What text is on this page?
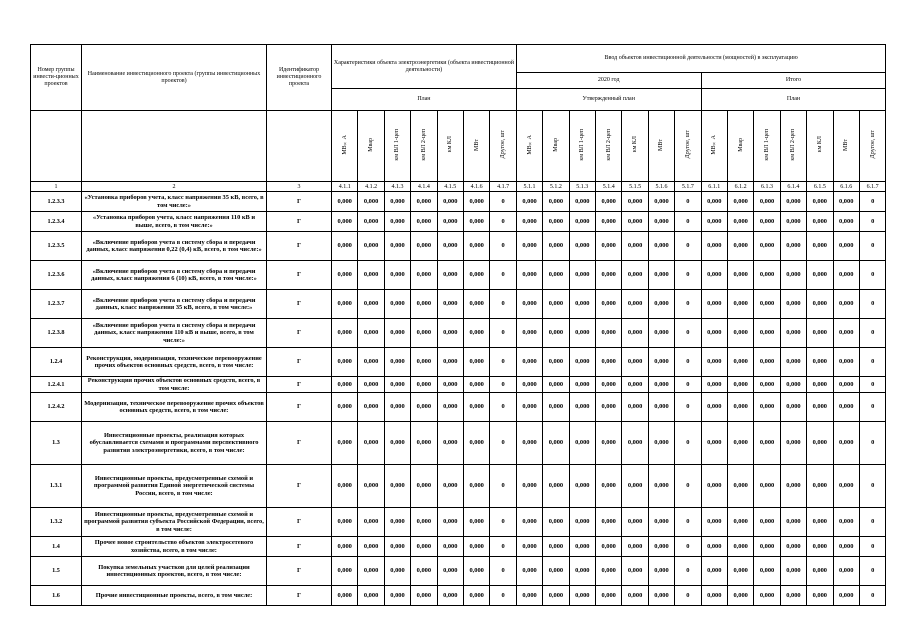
Номер группы инвести-ционных проектов	Наименование инвестиционного проекта (группы инвестиционных проектов)	Идентификатор инвестиционного проекта	Характеристики объекта электроэнергетики (объекта инвестиционной деятельности)							Ввод объектов инвестиционной деятельности (мощностей) в эксплуатацию													
										2020 год							Итого						
			План							Утвержденный план							План						
			МВ×А	Мвар	км ВЛ 1-цеп	км ВЛ 2-цеп	км КЛ	МВт	Другое, шт	МВ×А	Мвар	км ВЛ 1-цеп	км ВЛ 2-цеп	км КЛ	МВт	Другое, шт	МВ×А	Мвар	км ВЛ 1-цеп	км ВЛ 2-цеп	км КЛ	МВт	Другое, шт
1	2	3	4.1.1	4.1.2	4.1.3	4.1.4	4.1.5	4.1.6	4.1.7	5.1.1	5.1.2	5.1.3	5.1.4	5.1.5	5.1.6	5.1.7	6.1.1	6.1.2	6.1.3	6.1.4	6.1.5	6.1.6	6.1.7
1.2.3.3	«Установка приборов учета, класс напряжения 35 кВ, всего, в том числе:»	Г	0,000	0,000	0,000	0,000	0,000	0,000	0	0,000	0,000	0,000	0,000	0,000	0,000	0	0,000	0,000	0,000	0,000	0,000	0,000	0
1.2.3.4	«Установка приборов учета, класс напряжения 110 кВ и выше, всего, в том числе:»	Г	0,000	0,000	0,000	0,000	0,000	0,000	0	0,000	0,000	0,000	0,000	0,000	0,000	0	0,000	0,000	0,000	0,000	0,000	0,000	0
1.2.3.5	«Включение приборов учета в систему сбора и передачи данных, класс напряжения 0,22 (0,4) кВ, всего, в том числе:»	Г	0,000	0,000	0,000	0,000	0,000	0,000	0	0,000	0,000	0,000	0,000	0,000	0,000	0	0,000	0,000	0,000	0,000	0,000	0,000	0
1.2.3.6	«Включение приборов учета в систему сбора и передачи данных, класс напряжения 6 (10) кВ, всего, в том числе:»	Г	0,000	0,000	0,000	0,000	0,000	0,000	0	0,000	0,000	0,000	0,000	0,000	0,000	0	0,000	0,000	0,000	0,000	0,000	0,000	0
1.2.3.7	«Включение приборов учета в систему сбора и передачи данных, класс напряжения 35 кВ, всего, в том числе:»	Г	0,000	0,000	0,000	0,000	0,000	0,000	0	0,000	0,000	0,000	0,000	0,000	0,000	0	0,000	0,000	0,000	0,000	0,000	0,000	0
1.2.3.8	«Включение приборов учета в систему сбора и передачи данных, класс напряжения 110 кВ и выше, всего, в том числе:»	Г	0,000	0,000	0,000	0,000	0,000	0,000	0	0,000	0,000	0,000	0,000	0,000	0,000	0	0,000	0,000	0,000	0,000	0,000	0,000	0
1.2.4	Реконструкция, модернизация, техническое перевооружение прочих объектов основных средств, всего, в том числе:	Г	0,000	0,000	0,000	0,000	0,000	0,000	0	0,000	0,000	0,000	0,000	0,000	0,000	0	0,000	0,000	0,000	0,000	0,000	0,000	0
1.2.4.1	Реконструкция прочих объектов основных средств, всего, в том числе:	Г	0,000	0,000	0,000	0,000	0,000	0,000	0	0,000	0,000	0,000	0,000	0,000	0,000	0	0,000	0,000	0,000	0,000	0,000	0,000	0
1.2.4.2	Модернизация, техническое перевооружение прочих объектов основных средств, всего, в том числе:	Г	0,000	0,000	0,000	0,000	0,000	0,000	0	0,000	0,000	0,000	0,000	0,000	0,000	0	0,000	0,000	0,000	0,000	0,000	0,000	0
1.3	Инвестиционные проекты, реализация которых обуславливается схемами и программами перспективного развития электроэнергетики, всего, в том числе:	Г	0,000	0,000	0,000	0,000	0,000	0,000	0	0,000	0,000	0,000	0,000	0,000	0,000	0	0,000	0,000	0,000	0,000	0,000	0,000	0
1.3.1	Инвестиционные проекты, предусмотренные схемой и программой развития Единой энергетической системы России, всего, в том числе:	Г	0,000	0,000	0,000	0,000	0,000	0,000	0	0,000	0,000	0,000	0,000	0,000	0,000	0	0,000	0,000	0,000	0,000	0,000	0,000	0
1.3.2	Инвестиционные проекты, предусмотренные схемой и программой развития субъекта Российской Федерации, всего, в том числе:	Г	0,000	0,000	0,000	0,000	0,000	0,000	0	0,000	0,000	0,000	0,000	0,000	0,000	0	0,000	0,000	0,000	0,000	0,000	0,000	0
1.4	Прочее новое строительство объектов электросетевого хозяйства, всего, в том числе:	Г	0,000	0,000	0,000	0,000	0,000	0,000	0	0,000	0,000	0,000	0,000	0,000	0,000	0	0,000	0,000	0,000	0,000	0,000	0,000	0
1.5	Покупка земельных участков для целей реализации инвестиционных проектов, всего, в том числе:	Г	0,000	0,000	0,000	0,000	0,000	0,000	0	0,000	0,000	0,000	0,000	0,000	0,000	0	0,000	0,000	0,000	0,000	0,000	0,000	0
1.6	Прочие инвестиционные проекты, всего, в том числе:	Г	0,000	0,000	0,000	0,000	0,000	0,000	0	0,000	0,000	0,000	0,000	0,000	0,000	0	0,000	0,000	0,000	0,000	0,000	0,000	0
